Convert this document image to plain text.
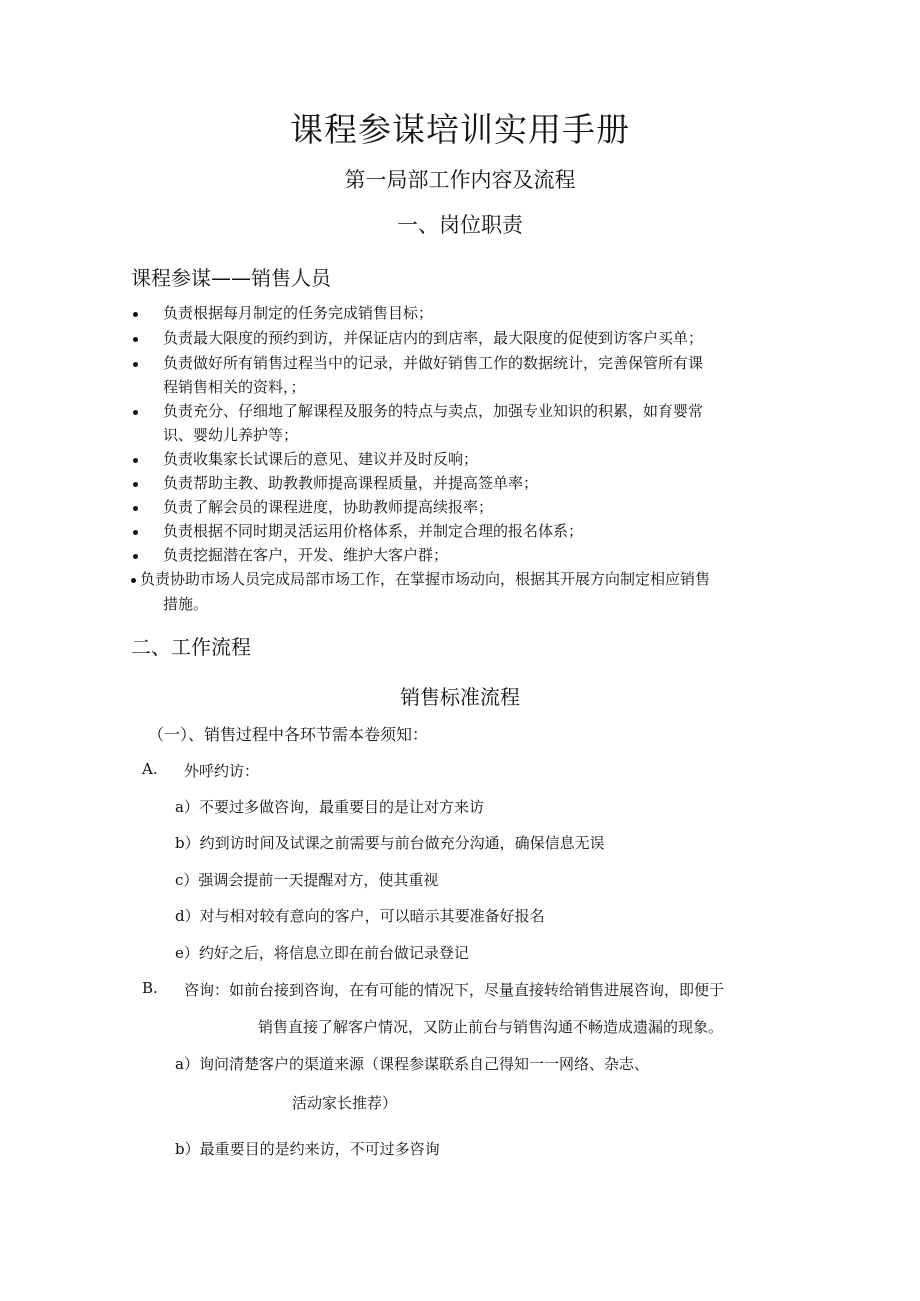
课程参谋培训实用手册
第一局部工作内容及流程
一、岗位职责
课程参谋——销售人员
负责根据每月制定的任务完成销售目标；
负责最大限度的预约到访，并保证店内的到店率，最大限度的促使到访客户买单；
负责做好所有销售过程当中的记录，并做好销售工作的数据统计，完善保管所有课
程销售相关的资料，；
负责充分、仔细地了解课程及服务的特点与卖点，加强专业知识的积累，如育婴常
识、婴幼儿养护等；
负责收集家长试课后的意见、建议并及时反响；
负责帮助主教、助教教师提高课程质量，并提高签单率；
负责了解会员的课程进度，协助教师提高续报率；
负责根据不同时期灵活运用价格体系，并制定合理的报名体系；
负责挖掘潜在客户，开发、维护大客户群；
负责协助市场人员完成局部市场工作，在掌握市场动向，根据其开展方向制定相应销售
措施。
二、工作流程
销售标准流程
（一）、销售过程中各环节需本卷须知：
A. 外呼约访：
a）不要过多做咨询，最重要目的是让对方来访
b）约到访时间及试课之前需要与前台做充分沟通，确保信息无误
c）强调会提前一天提醒对方，使其重视
d）对与相对较有意向的客户，可以暗示其要准备好报名
e）约好之后，将信息立即在前台做记录登记
B. 咨询：如前台接到咨询，在有可能的情况下，尽量直接转给销售进展咨询，即便于
销售直接了解客户情况，又防止前台与销售沟通不畅造成遗漏的现象。
a）询问清楚客户的渠道来源（课程参谋联系自己得知一一网络、杂志、
活动家长推荐）
b）最重要目的是约来访，不可过多咨询
